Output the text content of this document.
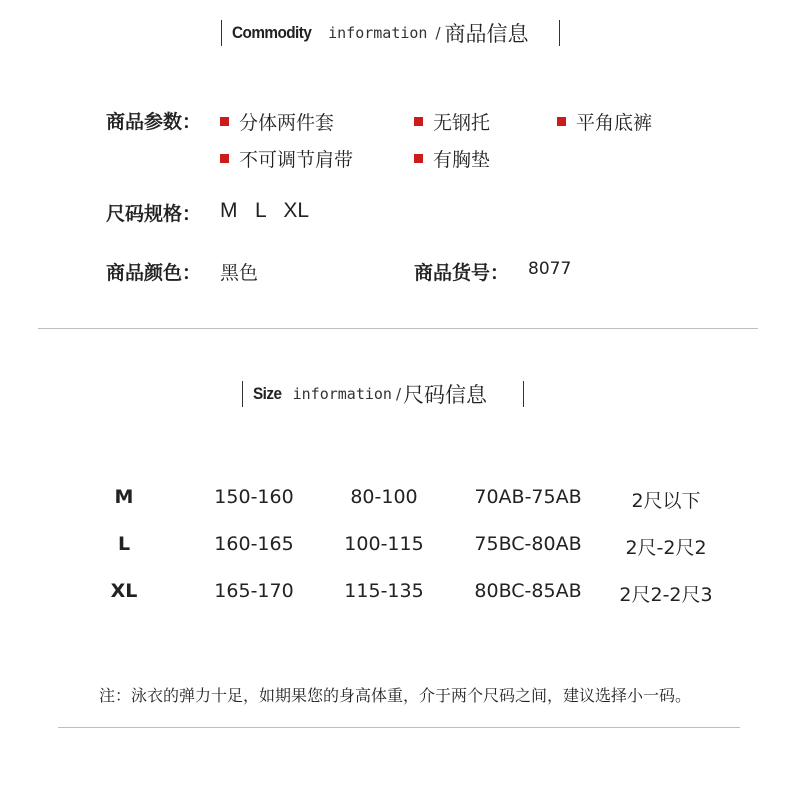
Commodity information / 商品信息
商品参数： 分体两件套	无钢托	平角底裤
不可调节肩带	有胸垫
尺码规格： M   L   XL
商品颜色： 黑色	商品货号： 8077
Size information / 尺码信息
M	150-160	80-100	70AB-75AB	2尺以下
L	160-165	100-115	75BC-80AB 2尺-2尺2
XL	165-170	115-135	80BC-85AB 2尺2-2尺3
注：泳衣的弹力十足，如期果您的身高体重，介于两个尺码之间，建议选择小一码。
